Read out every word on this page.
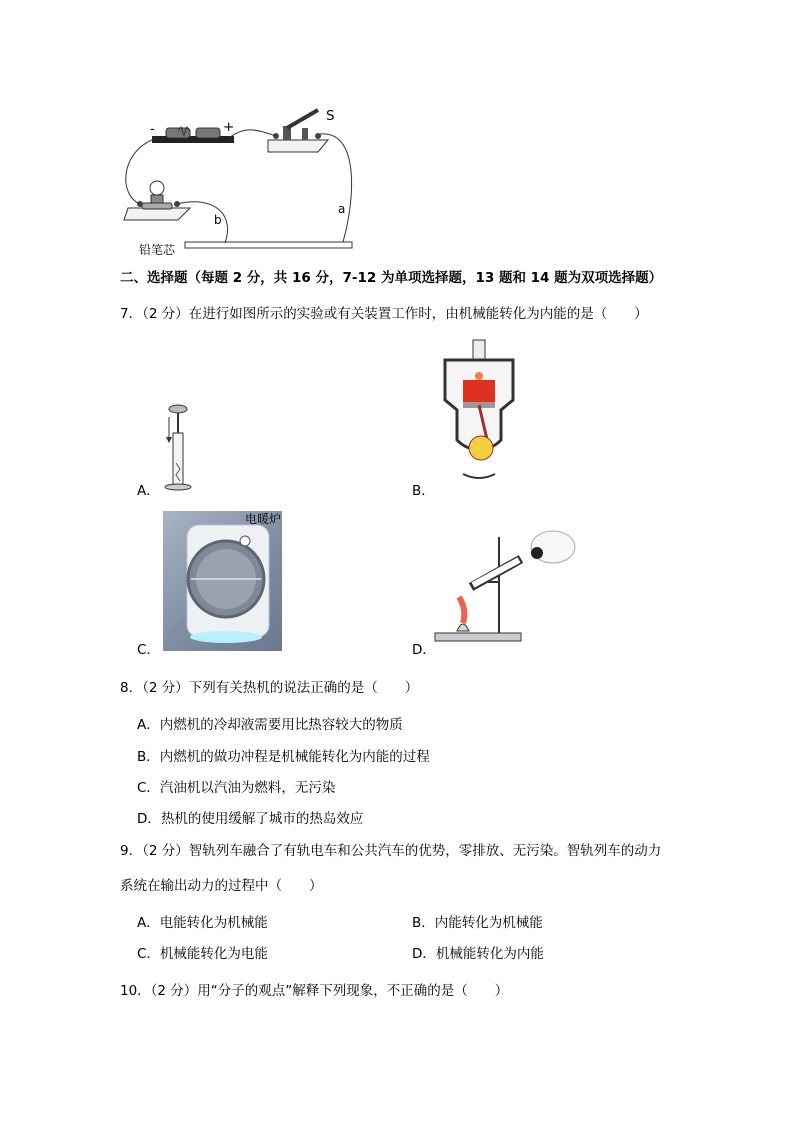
-	+
S
a
b
铅笔芯
二、选择题（每题 2 分，共 16 分，7-12 为单项选择题，13 题和 14 题为双项选择题）
7．（2 分）在进行如图所示的实验或有关装置工作时，由机械能转化为内能的是（　　）
A．	B．
电暖炉
C．	D．
8．（2 分）下列有关热机的说法正确的是（　　）
A．内燃机的冷却液需要用比热容较大的物质
B．内燃机的做功冲程是机械能转化为内能的过程
C．汽油机以汽油为燃料，无污染
D．热机的使用缓解了城市的热岛效应
9．（2 分）智轨列车融合了有轨电车和公共汽车的优势，零排放、无污染。智轨列车的动力
系统在输出动力的过程中（　　）
A．电能转化为机械能	B．内能转化为机械能
C．机械能转化为电能	D．机械能转化为内能
10．（2 分）用“分子的观点”解释下列现象，不正确的是（　　）
